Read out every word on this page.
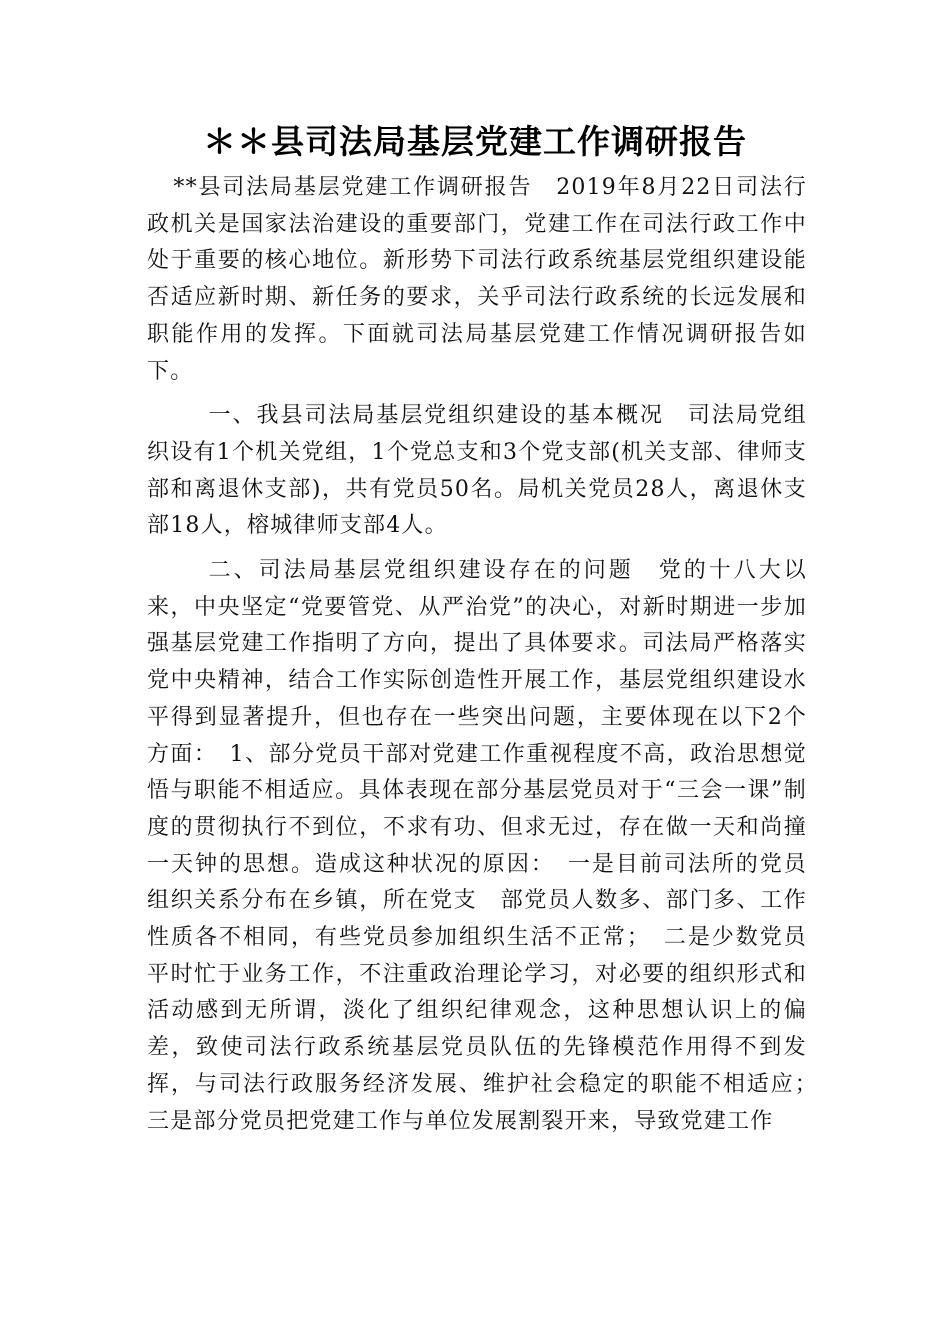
＊＊县司法局基层党建工作调研报告

**县司法局基层党建工作调研报告　2019年8月22日司法行政机关是国家法治建设的重要部门，党建工作在司法行政工作中处于重要的核心地位。新形势下司法行政系统基层党组织建设能否适应新时期、新任务的要求，关乎司法行政系统的长远发展和职能作用的发挥。下面就司法局基层党建工作情况调研报告如下。

一、我县司法局基层党组织建设的基本概况　司法局党组织设有1个机关党组，1个党总支和3个党支部(机关支部、律师支部和离退休支部)，共有党员50名。局机关党员28人，离退休支部18人，榕城律师支部4人。

二、司法局基层党组织建设存在的问题　党的十八大以来，中央坚定“党要管党、从严治党”的决心，对新时期进一步加强基层党建工作指明了方向，提出了具体要求。司法局严格落实党中央精神，结合工作实际创造性开展工作，基层党组织建设水平得到显著提升，但也存在一些突出问题，主要体现在以下2个方面：　1、部分党员干部对党建工作重视程度不高，政治思想觉悟与职能不相适应。具体表现在部分基层党员对于“三会一课”制度的贯彻执行不到位，不求有功、但求无过，存在做一天和尚撞一天钟的思想。造成这种状况的原因：　一是目前司法所的党员组织关系分布在乡镇，所在党支　部党员人数多、部门多、工作性质各不相同，有些党员参加组织生活不正常；　二是少数党员平时忙于业务工作，不注重政治理论学习，对必要的组织形式和活动感到无所谓，淡化了组织纪律观念，这种思想认识上的偏差，致使司法行政系统基层党员队伍的先锋模范作用得不到发挥，与司法行政服务经济发展、维护社会稳定的职能不相适应；　三是部分党员把党建工作与单位发展割裂开来，导致党建工作
